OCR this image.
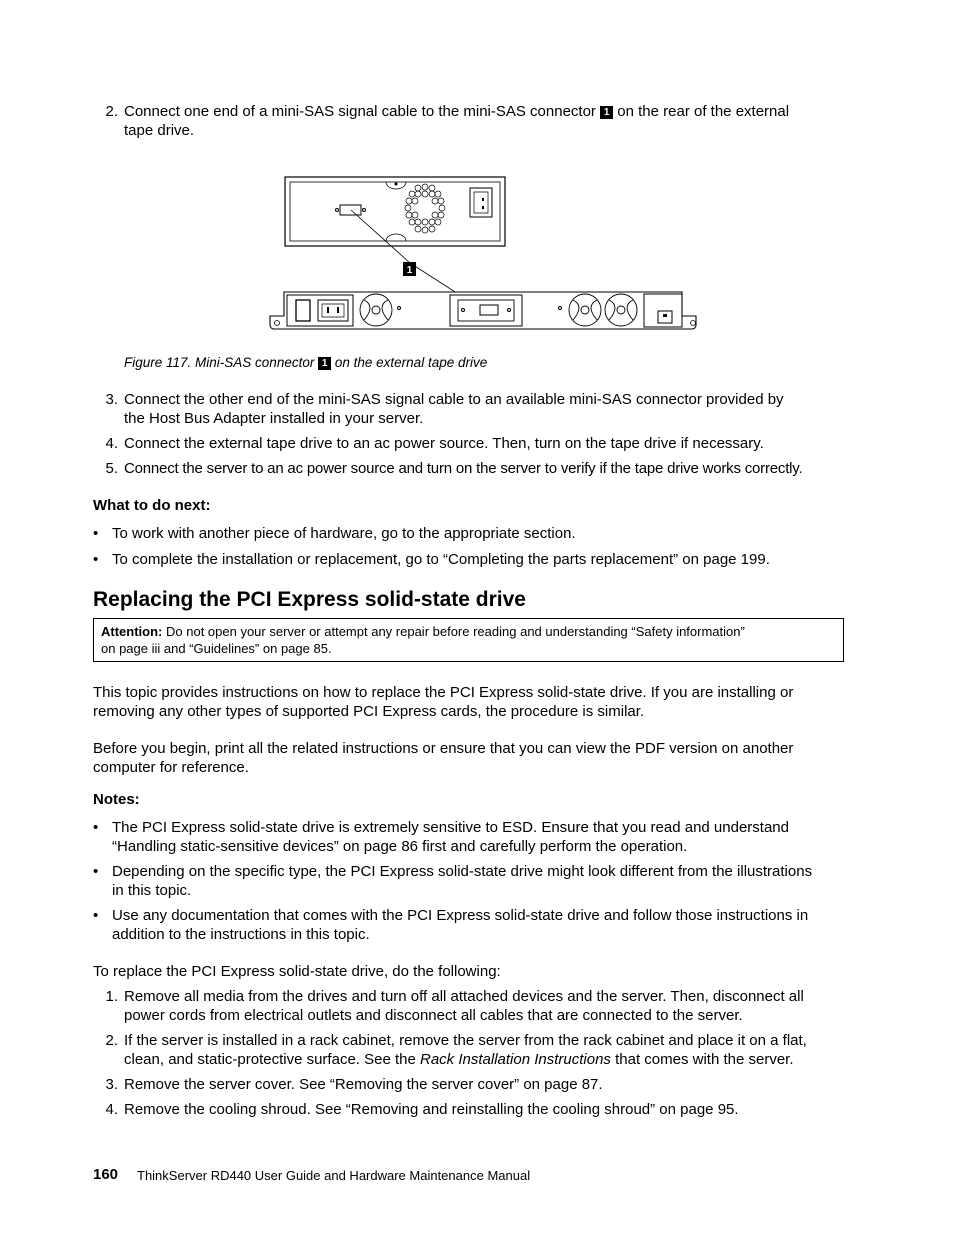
2. Connect one end of a mini-SAS signal cable to the mini-SAS connector 1 on the rear of the external
tape drive.
1
Figure 117. Mini-SAS connector 1 on the external tape drive
3. Connect the other end of the mini-SAS signal cable to an available mini-SAS connector provided by
the Host Bus Adapter installed in your server.
4. Connect the external tape drive to an ac power source. Then, turn on the tape drive if necessary.
5. Connect the server to an ac power source and turn on the server to verify if the tape drive works correctly.
What to do next:
• To work with another piece of hardware, go to the appropriate section.
• To complete the installation or replacement, go to “Completing the parts replacement” on page 199.
Replacing the PCI Express solid-state drive
Attention: Do not open your server or attempt any repair before reading and understanding “Safety information”
on page iii and “Guidelines” on page 85.
This topic provides instructions on how to replace the PCI Express solid-state drive. If you are installing or
removing any other types of supported PCI Express cards, the procedure is similar.
Before you begin, print all the related instructions or ensure that you can view the PDF version on another
computer for reference.
Notes:
• The PCI Express solid-state drive is extremely sensitive to ESD. Ensure that you read and understand
“Handling static-sensitive devices” on page 86 first and carefully perform the operation.
• Depending on the specific type, the PCI Express solid-state drive might look different from the illustrations
in this topic.
• Use any documentation that comes with the PCI Express solid-state drive and follow those instructions in
addition to the instructions in this topic.
To replace the PCI Express solid-state drive, do the following:
1. Remove all media from the drives and turn off all attached devices and the server. Then, disconnect all
power cords from electrical outlets and disconnect all cables that are connected to the server.
2. If the server is installed in a rack cabinet, remove the server from the rack cabinet and place it on a flat,
clean, and static-protective surface. See the Rack Installation Instructions that comes with the server.
3. Remove the server cover. See “Removing the server cover” on page 87.
4. Remove the cooling shroud. See “Removing and reinstalling the cooling shroud” on page 95.
160 ThinkServer RD440 User Guide and Hardware Maintenance Manual
